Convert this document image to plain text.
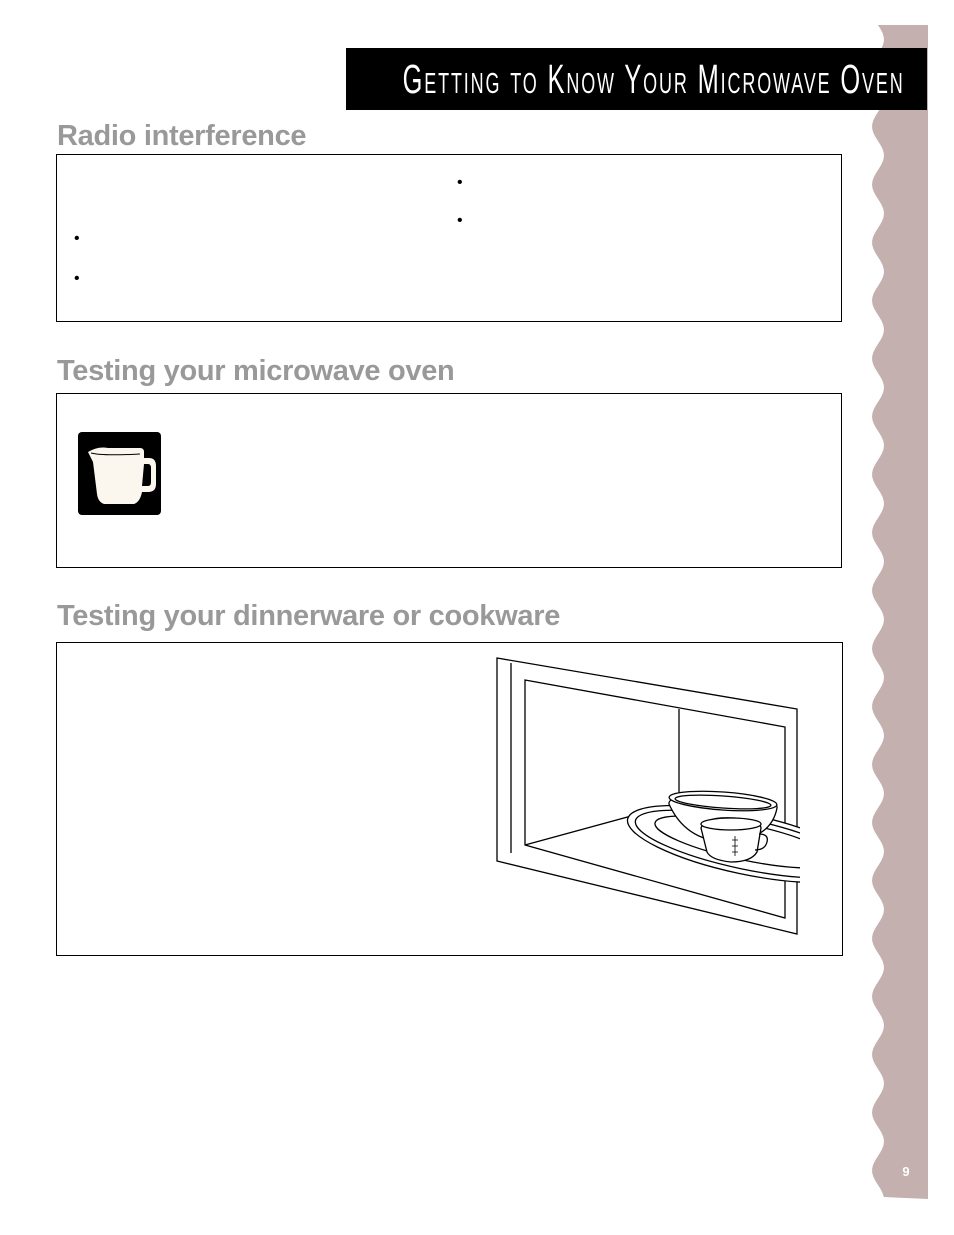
9
Getting to Know Your Microwave Oven
Radio interference
•
•
•
•
Testing your microwave oven
Testing your dinnerware or cookware
